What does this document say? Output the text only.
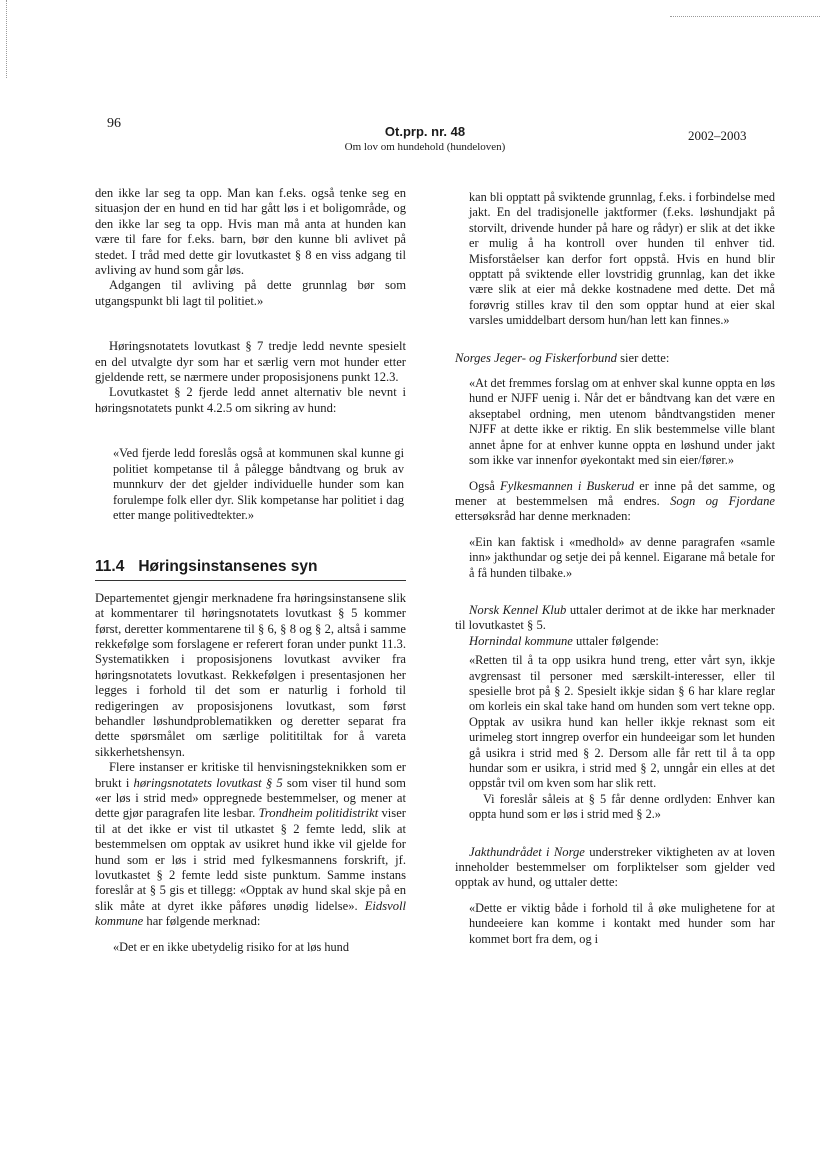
96
Ot.prp. nr. 48
Om lov om hundehold (hundeloven)
2002–2003

den ikke lar seg ta opp. Man kan f.eks. også tenke seg en situasjon der en hund en tid har gått løs i et boligområde, og den ikke lar seg ta opp. Hvis man må anta at hunden kan være til fare for f.eks. barn, bør den kunne bli avlivet på stedet. I tråd med dette gir lovutkastet § 8 en viss adgang til avliving av hund som går løs.

Adgangen til avliving på dette grunnlag bør som utgangspunkt bli lagt til politiet.»

Høringsnotatets lovutkast § 7 tredje ledd nevnte spesielt en del utvalgte dyr som har et særlig vern mot hunder etter gjeldende rett, se nærmere under proposisjonens punkt 12.3.

Lovutkastet § 2 fjerde ledd annet alternativ ble nevnt i høringsnotatets punkt 4.2.5 om sikring av hund:

«Ved fjerde ledd foreslås også at kommunen skal kunne gi politiet kompetanse til å pålegge båndtvang og bruk av munnkurv der det gjelder individuelle hunder som kan forulempe folk eller dyr. Slik kompetanse har politiet i dag etter mange politivedtekter.»

11.4 Høringsinstansenes syn

Departementet gjengir merknadene fra høringsinstansene slik at kommentarer til høringsnotatets lovutkast § 5 kommer først, deretter kommentarene til § 6, § 8 og § 2, altså i samme rekkefølge som forslagene er referert foran under punkt 11.3. Systematikken i proposisjonens lovutkast avviker fra høringsnotatets lovutkast. Rekkefølgen i presentasjonen her legges i forhold til det som er naturlig i forhold til redigeringen av proposisjonens lovutkast, som først behandler løshundproblematikken og deretter separat fra dette spørsmålet om særlige polititiltak for å vareta sikkerhetshensyn.

Flere instanser er kritiske til henvisningsteknikken som er brukt i høringsnotatets lovutkast § 5 som viser til hund som «er løs i strid med» oppregnede bestemmelser, og mener at dette gjør paragrafen lite lesbar. Trondheim politidistrikt viser til at det ikke er vist til utkastet § 2 femte ledd, slik at bestemmelsen om opptak av usikret hund ikke vil gjelde for hund som er løs i strid med fylkesmannens forskrift, jf. lovutkastet § 2 femte ledd siste punktum. Samme instans foreslår at § 5 gis et tillegg: «Opptak av hund skal skje på en slik måte at dyret ikke påføres unødig lidelse». Eidsvoll kommune har følgende merknad:

«Det er en ikke ubetydelig risiko for at løs hund

kan bli opptatt på sviktende grunnlag, f.eks. i forbindelse med jakt. En del tradisjonelle jaktformer (f.eks. løshundjakt på storvilt, drivende hunder på hare og rådyr) er slik at det ikke er mulig å ha kontroll over hunden til enhver tid. Misforståelser kan derfor fort oppstå. Hvis en hund blir opptatt på sviktende eller lovstridig grunnlag, kan det ikke være slik at eier må dekke kostnadene med dette. Det må forøvrig stilles krav til den som opptar hund at eier skal varsles umiddelbart dersom hun/han lett kan finnes.»

Norges Jeger- og Fiskerforbund sier dette:

«At det fremmes forslag om at enhver skal kunne oppta en løs hund er NJFF uenig i. Når det er båndtvang kan det være en akseptabel ordning, men utenom båndtvangstiden mener NJFF at dette ikke er riktig. En slik bestemmelse ville blant annet åpne for at enhver kunne oppta en løshund under jakt som ikke var innenfor øyekontakt med sin eier/fører.»

Også Fylkesmannen i Buskerud er inne på det samme, og mener at bestemmelsen må endres. Sogn og Fjordane ettersøksråd har denne merknaden:

«Ein kan faktisk i «medhold» av denne paragrafen «samle inn» jakthundar og setje dei på kennel. Eigarane må betale for å få hunden tilbake.»

Norsk Kennel Klub uttaler derimot at de ikke har merknader til lovutkastet § 5.

Hornindal kommune uttaler følgende:

«Retten til å ta opp usikra hund treng, etter vårt syn, ikkje avgrensast til personer med særskilt-interesser, eller til spesielle brot på § 2. Spesielt ikkje sidan § 6 har klare reglar om korleis ein skal take hand om hunden som vert tekne opp. Opptak av usikra hund kan heller ikkje reknast som eit urimeleg stort inngrep overfor ein hundeeigar som let hunden gå usikra i strid med § 2. Dersom alle får rett til å ta opp hundar som er usikra, i strid med § 2, unngår ein elles at det oppstår tvil om kven som har slik rett.

Vi foreslår såleis at § 5 får denne ordlyden: Enhver kan oppta hund som er løs i strid med § 2.»

Jakthundrådet i Norge understreker viktigheten av at loven inneholder bestemmelser om forpliktelser som gjelder ved opptak av hund, og uttaler dette:

«Dette er viktig både i forhold til å øke mulighetene for at hundeeiere kan komme i kontakt med hunder som har kommet bort fra dem, og i
